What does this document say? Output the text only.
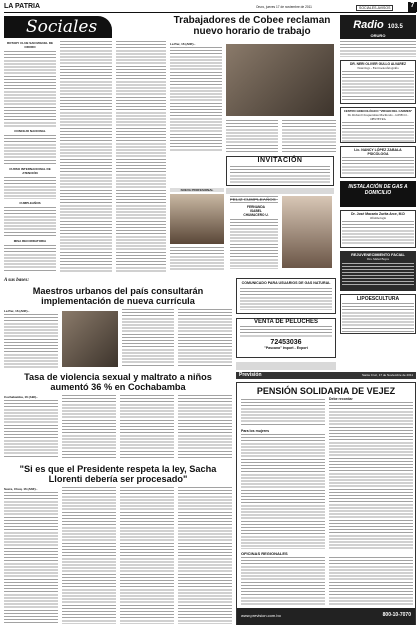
LA PATRIA	Oruro, jueves 17 de noviembre de 2011	SOCIALES-AVISOS	7
Sociales
ROTARY CLUB SAN MIGUEL DE ORURO
CONCEJO NACIONAL
CURSO INTERNACIONAL DE ATENCIÓN
CUMPLEAÑOS
MISA RECORDATORIA
Trabajadores de Cobee reclaman nuevo horario de trabajo
La Paz, 16 (ANF).-
INVITACIÓN
FERNANDA
ISABEL
CHUMACERO U.
NUEVA PROFESIONAL
A sus bases:
Maestros urbanos del país consultarán implementación de nueva currícula
La Paz, 16 (ANF).-
Tasa de violencia sexual y maltrato a niños aumentó 36 % en Cochabamba
Cochabamba, 16 (ABI).-
"Si es que el Presidente respeta la ley, Sacha Llorenti debería ser procesado"
Sucre, Chuq. 16 (ANF).-
COMUNICADO PARA USUARIOS DE GAS NATURAL
VENTA DE PELUCHES
72453036
"Pascana" Import - Export
Radio 103.5
ORURO
DR. NERI OLIVER GULLO ALVAREZ
Neurólogo - Electroencefalografía
CENTRO GINECOLÓGICO "VIRGEN DEL CARMEN"
Dr. Richard Choquecahua Machicado - GINECO - OBSTETRA
Lic. NANCY LÓPEZ ZABALA
PSICÓLOGA
INSTALACIÓN DE GAS A DOMICILIO
Dr. José Macario Zurita Arce, M.D
Oftalmología
REJUVENECIMIENTO FACIAL
Dra. Mabel Bayes
LIPOESCULTURA
Previsión	Santa Cruz, 17 de Noviembre de 2011
PENSIÓN SOLIDARIA DE VEJEZ
Para los mujeres
Debe recordar
OFICINAS REGIONALES
www.prevision.com.bo	800-10-7070
